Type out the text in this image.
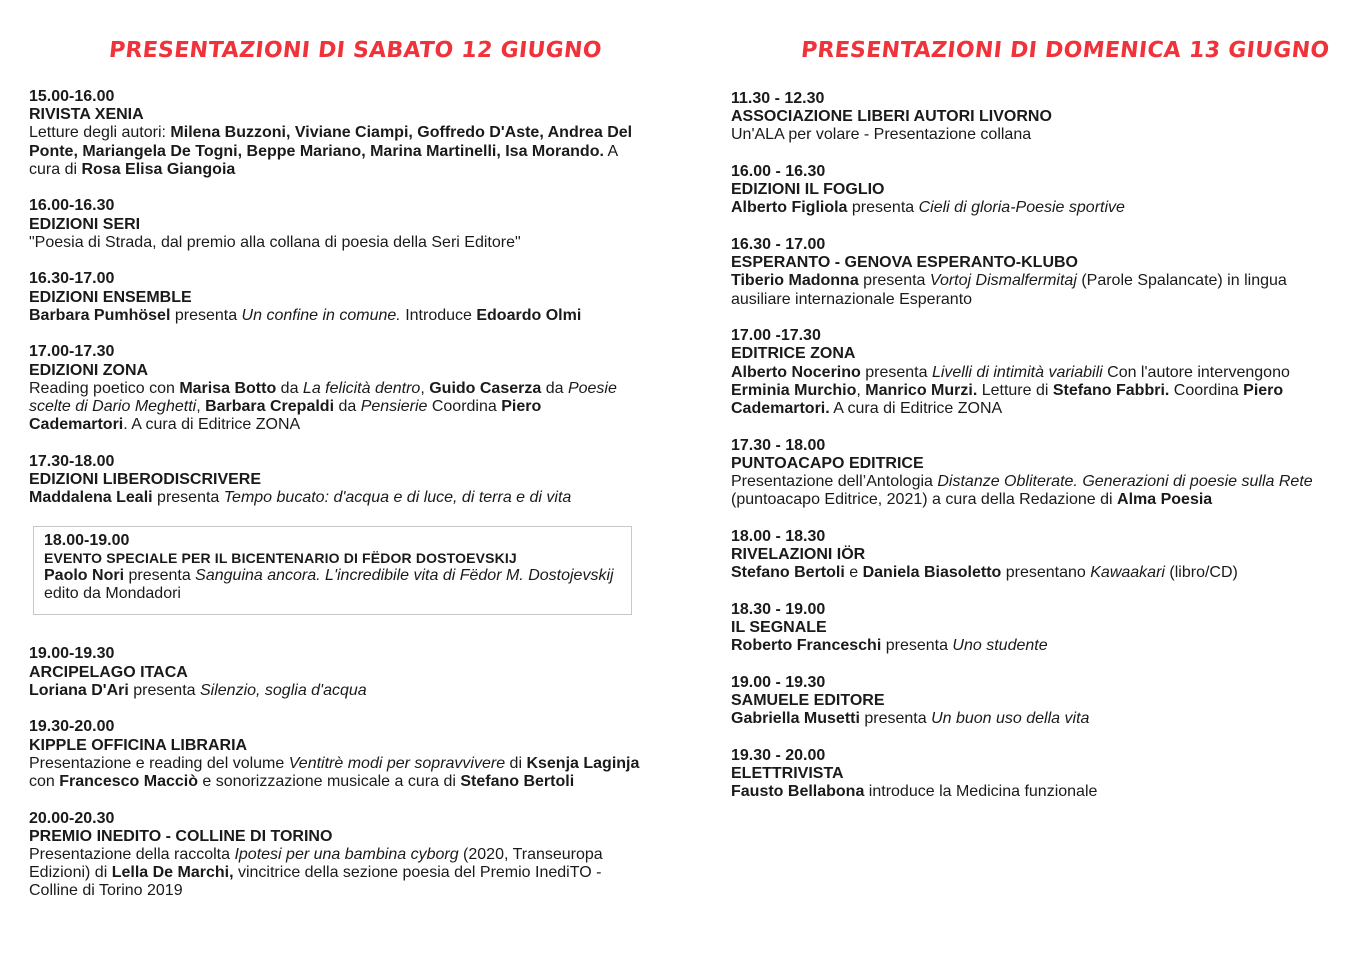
PRESENTAZIONI DI SABATO 12 GIUGNO
15.00-16.00
RIVISTA XENIA
Letture degli autori: Milena Buzzoni, Viviane Ciampi, Goffredo D'Aste, Andrea Del Ponte, Mariangela De Togni, Beppe Mariano, Marina Martinelli, Isa Morando. A cura di Rosa Elisa Giangoia
16.00-16.30
EDIZIONI SERI
"Poesia di Strada, dal premio alla collana di poesia della Seri Editore"
16.30-17.00
EDIZIONI ENSEMBLE
Barbara Pumhösel presenta Un confine in comune. Introduce Edoardo Olmi
17.00-17.30
EDIZIONI ZONA
Reading poetico con Marisa Botto da La felicità dentro, Guido Caserza da Poesie scelte di Dario Meghetti, Barbara Crepaldi da Pensierie Coordina Piero Cademartori. A cura di Editrice ZONA
17.30-18.00
EDIZIONI LIBERODISCRIVERE
Maddalena Leali presenta Tempo bucato: d'acqua e di luce, di terra e di vita
18.00-19.00
EVENTO SPECIALE PER IL BICENTENARIO DI FËDOR DOSTOEVSKIJ
Paolo Nori presenta Sanguina ancora. L'incredibile vita di Fëdor M. Dostojevskij edito da Mondadori
19.00-19.30
ARCIPELAGO ITACA
Loriana D'Ari presenta Silenzio, soglia d'acqua
19.30-20.00
KIPPLE OFFICINA LIBRARIA
Presentazione e reading del volume Ventitrè modi per sopravvivere di Ksenja Laginja con Francesco Macciò e sonorizzazione musicale a cura di Stefano Bertoli
20.00-20.30
PREMIO INEDITO - COLLINE DI TORINO
Presentazione della raccolta Ipotesi per una bambina cyborg (2020, Transeuropa Edizioni) di Lella De Marchi, vincitrice della sezione poesia del Premio InediTO - Colline di Torino 2019
PRESENTAZIONI DI DOMENICA 13 GIUGNO
11.30 - 12.30
ASSOCIAZIONE LIBERI AUTORI LIVORNO
Un'ALA per volare - Presentazione collana
16.00 - 16.30
EDIZIONI IL FOGLIO
Alberto Figliola presenta Cieli di gloria-Poesie sportive
16.30 - 17.00
ESPERANTO - GENOVA ESPERANTO-KLUBO
Tiberio Madonna presenta Vortoj Dismalfermitaj (Parole Spalancate) in lingua ausiliare internazionale Esperanto
17.00 -17.30
EDITRICE ZONA
Alberto Nocerino presenta Livelli di intimità variabili Con l'autore intervengono Erminia Murchio, Manrico Murzi. Letture di Stefano Fabbri. Coordina Piero Cademartori. A cura di Editrice ZONA
17.30 - 18.00
PUNTOACAPO EDITRICE
Presentazione dell’Antologia Distanze Obliterate. Generazioni di poesie sulla Rete (puntoacapo Editrice, 2021) a cura della Redazione di Alma Poesia
18.00 - 18.30
RIVELAZIONI IÖR
Stefano Bertoli e Daniela Biasoletto presentano Kawaakari (libro/CD)
18.30 - 19.00
IL SEGNALE
Roberto Franceschi presenta Uno studente
19.00 - 19.30
SAMUELE EDITORE
Gabriella Musetti presenta Un buon uso della vita
19.30 - 20.00
ELETTRIVISTA
Fausto Bellabona introduce la Medicina funzionale
